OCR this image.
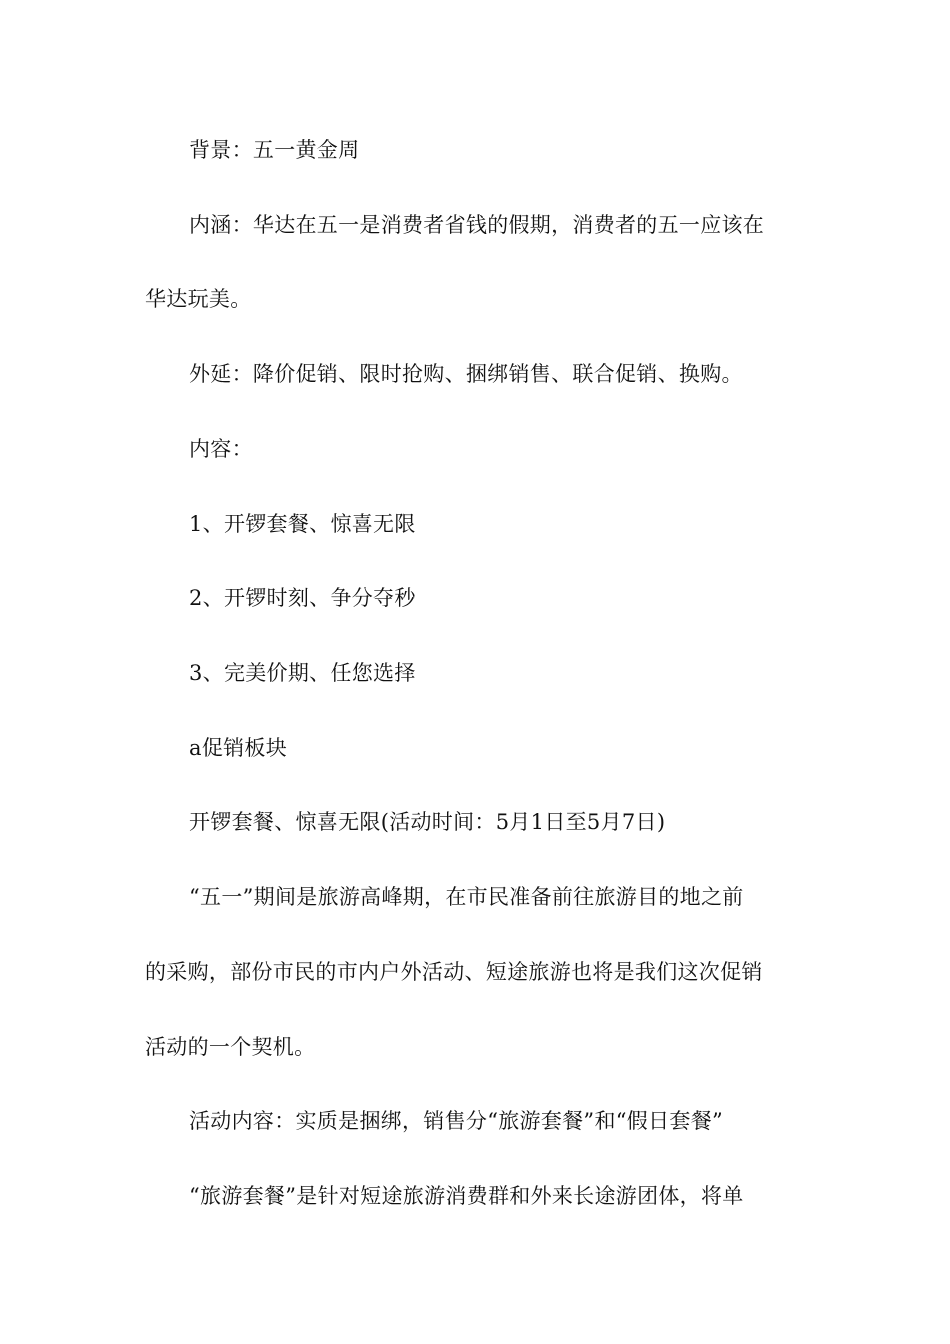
背景：五一黄金周
内涵：华达在五一是消费者省钱的假期，消费者的五一应该在
华达玩美。
外延：降价促销、限时抢购、捆绑销售、联合促销、换购。
内容：
1、开锣套餐、惊喜无限
2、开锣时刻、争分夺秒
3、完美价期、任您选择
a促销板块
开锣套餐、惊喜无限(活动时间：5月1日至5月7日)
“五一”期间是旅游高峰期，在市民准备前往旅游目的地之前
的采购，部份市民的市内户外活动、短途旅游也将是我们这次促销
活动的一个契机。
活动内容：实质是捆绑，销售分“旅游套餐”和“假日套餐”
“旅游套餐”是针对短途旅游消费群和外来长途游团体，将单
